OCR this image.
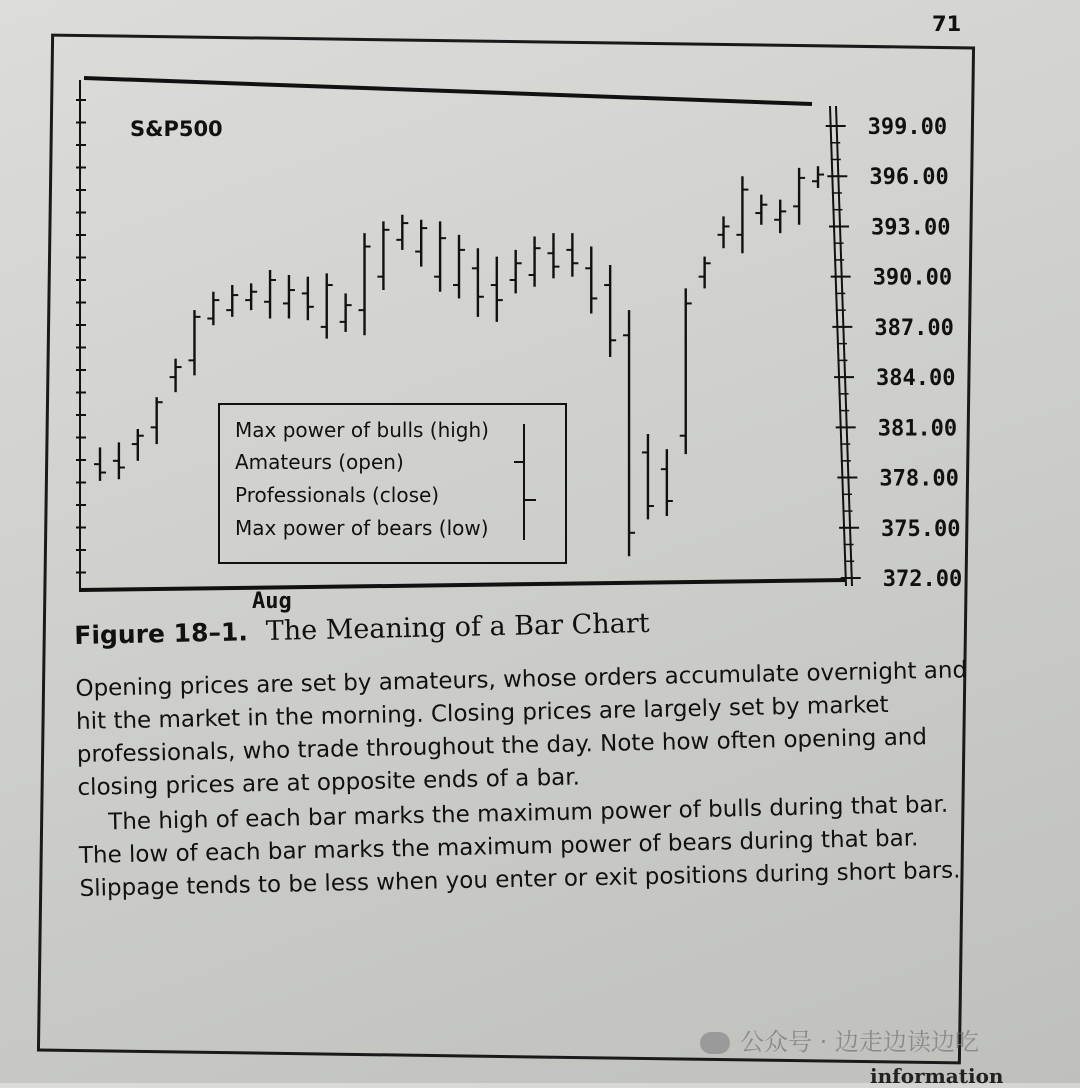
71
399.00
396.00
393.00
390.00
387.00
384.00
381.00
378.00
375.00
372.00
S&P500
Aug
Max power of bulls (high)
Amateurs (open)
Professionals (close)
Max power of bears (low)
Figure 18–1. The Meaning of a Bar Chart

Opening prices are set by amateurs, whose orders accumulate overnight and hit the market in the morning. Closing prices are largely set by market professionals, who trade throughout the day. Note how often opening and closing prices are at opposite ends of a bar.

The high of each bar marks the maximum power of bulls during that bar. The low of each bar marks the maximum power of bears during that bar. Slippage tends to be less when you enter or exit positions during short bars.

公众号 · 边走边读边吃
information
